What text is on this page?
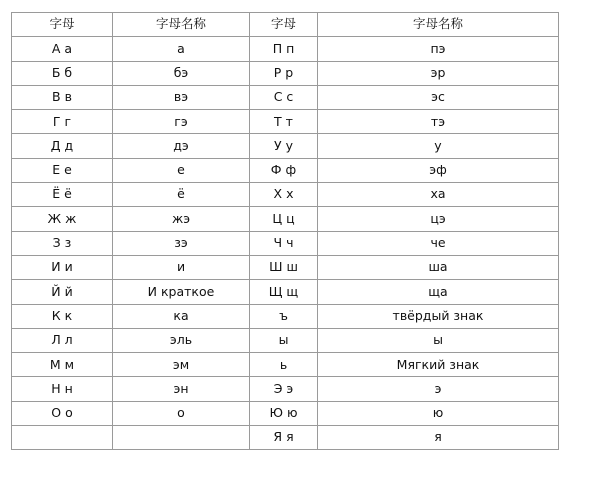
字母	字母名称	字母	字母名称
А а	а	П п	пэ
Б б	бэ	Р р	эр
В в	вэ	С с	эс
Г г	гэ	Т т	тэ
Д д	дэ	У у	у
Е е	е	Ф ф	эф
Ё ё	ё	Х х	ха
Ж ж	жэ	Ц ц	цэ
З з	зэ	Ч ч	че
И и	и	Ш ш	ша
Й й	И краткое	Щ щ	ща
К к	ка	ъ	твёрдый знак
Л л	эль	ы	ы
М м	эм	ь	Мягкий знак
Н н	эн	Э э	э
О о	о	Ю ю	ю
		Я я	я
